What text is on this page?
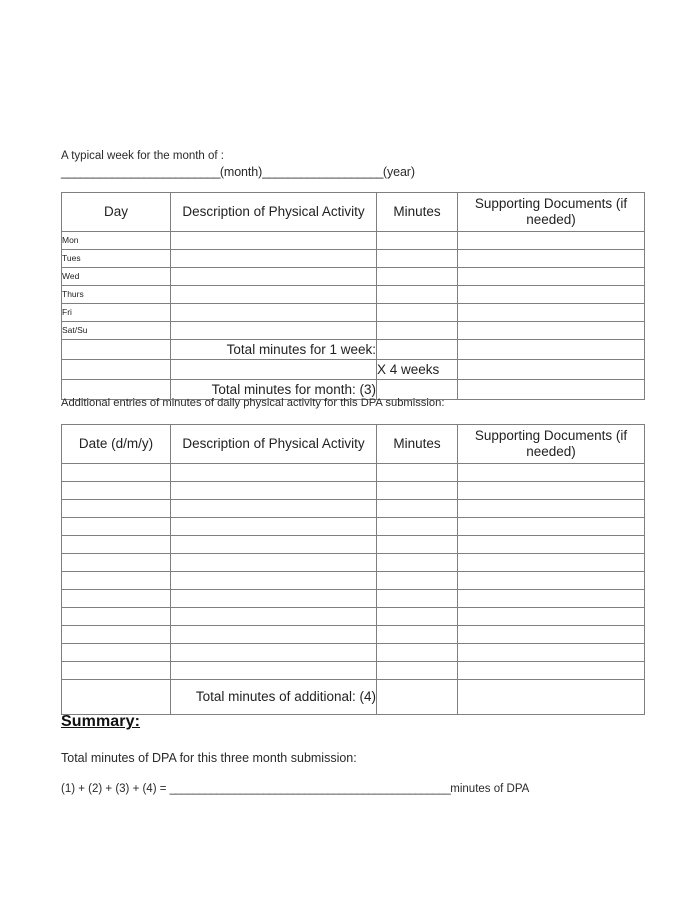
A typical week for the month of :
_________________________(month)___________________(year)
Day	Description of Physical Activity	Minutes	Supporting Documents (if needed)
Mon			
Tues			
Wed			
Thurs			
Fri			
Sat/Su			
	Total minutes for 1 week:		
		X 4 weeks	
	Total minutes for month: (3)		
Additional entries of minutes of daily physical activity for this DPA submission:
Date (d/m/y)	Description of Physical Activity	Minutes	Supporting Documents (if needed)

	Total minutes of additional: (4)		
Summary:
Total minutes of DPA for this three month submission:
(1) + (2) + (3) + (4) = ________________________________________________minutes of DPA
